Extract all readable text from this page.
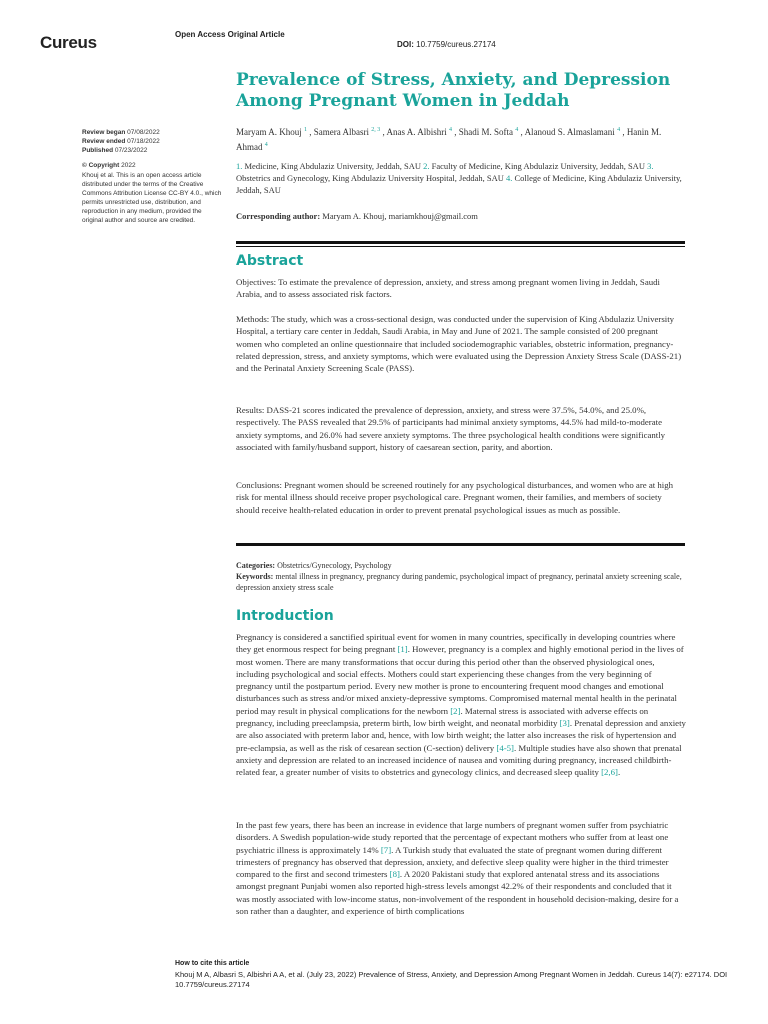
Cureus	Open Access Original Article
DOI: 10.7759/cureus.27174
Prevalence of Stress, Anxiety, and Depression Among Pregnant Women in Jeddah
Maryam A. Khouj $^1$ , Samera Albasri $^{2, 3}$ , Anas A. Albishri $^4$ , Shadi M. Softa $^4$ , Alanoud S. Almaslamani $^4$ , Hanin M. Ahmad $^4$
1. Medicine, King Abdulaziz University, Jeddah, SAU 2. Faculty of Medicine, King Abdulaziz University, Jeddah, SAU 3. Obstetrics and Gynecology, King Abdulaziz University Hospital, Jeddah, SAU 4. College of Medicine, King Abdulaziz University, Jeddah, SAU
Corresponding author: Maryam A. Khouj, mariamkhouj@gmail.com
Review began 07/08/2022
Review ended 07/18/2022
Published 07/23/2022
© Copyright 2022
Khouj et al. This is an open access article distributed under the terms of the Creative Commons Attribution License CC-BY 4.0., which permits unrestricted use, distribution, and reproduction in any medium, provided the original author and source are credited.
Abstract

Objectives: To estimate the prevalence of depression, anxiety, and stress among pregnant women living in Jeddah, Saudi Arabia, and to assess associated risk factors.

Methods: The study, which was a cross-sectional design, was conducted under the supervision of King Abdulaziz University Hospital, a tertiary care center in Jeddah, Saudi Arabia, in May and June of 2021. The sample consisted of 200 pregnant women who completed an online questionnaire that included sociodemographic variables, obstetric information, pregnancy-related depression, stress, and anxiety symptoms, which were evaluated using the Depression Anxiety Stress Scale (DASS-21) and the Perinatal Anxiety Screening Scale (PASS).

Results: DASS-21 scores indicated the prevalence of depression, anxiety, and stress were 37.5%, 54.0%, and 25.0%, respectively. The PASS revealed that 29.5% of participants had minimal anxiety symptoms, 44.5% had mild-to-moderate anxiety symptoms, and 26.0% had severe anxiety symptoms. The three psychological health conditions were significantly associated with family/husband support, history of caesarean section, parity, and abortion.

Conclusions: Pregnant women should be screened routinely for any psychological disturbances, and women who are at high risk for mental illness should receive proper psychological care. Pregnant women, their families, and members of society should receive health-related education in order to prevent prenatal psychological issues as much as possible.

Categories: Obstetrics/Gynecology, Psychology
Keywords: mental illness in pregnancy, pregnancy during pandemic, psychological impact of pregnancy, perinatal anxiety screening scale, depression anxiety stress scale
Introduction

Pregnancy is considered a sanctified spiritual event for women in many countries, specifically in developing countries where they get enormous respect for being pregnant [1]. However, pregnancy is a complex and highly emotional period in the lives of most women. There are many transformations that occur during this period other than the observed physiological ones, including psychological and social effects. Mothers could start experiencing these changes from the very beginning of pregnancy until the postpartum period. Every new mother is prone to encountering frequent mood changes and emotional disturbances such as stress and/or mixed anxiety-depressive symptoms. Compromised maternal mental health in the perinatal period may result in physical complications for the newborn [2]. Maternal stress is associated with adverse effects on pregnancy, including preeclampsia, preterm birth, low birth weight, and neonatal morbidity [3]. Prenatal depression and anxiety are also associated with preterm labor and, hence, with low birth weight; the latter also increases the risk of hypertension and pre-eclampsia, as well as the risk of cesarean section (C-section) delivery [4-5]. Multiple studies have also shown that prenatal anxiety and depression are related to an increased incidence of nausea and vomiting during pregnancy, increased childbirth-related fear, a greater number of visits to obstetrics and gynecology clinics, and decreased sleep quality [2,6].

In the past few years, there has been an increase in evidence that large numbers of pregnant women suffer from psychiatric disorders. A Swedish population-wide study reported that the percentage of expectant mothers who suffer from at least one psychiatric illness is approximately 14% [7]. A Turkish study that evaluated the state of pregnant women during different trimesters of pregnancy has observed that depression, anxiety, and defective sleep quality were higher in the third trimester compared to the first and second trimesters [8]. A 2020 Pakistani study that explored antenatal stress and its associations amongst pregnant Punjabi women also reported high-stress levels amongst 42.2% of their respondents and concluded that it was mostly associated with low-income status, non-involvement of the respondent in household decision-making, desire for a son rather than a daughter, and experience of birth complications

How to cite this article
Khouj M A, Albasri S, Albishri A A, et al. (July 23, 2022) Prevalence of Stress, Anxiety, and Depression Among Pregnant Women in Jeddah. Cureus 14(7): e27174. DOI 10.7759/cureus.27174
